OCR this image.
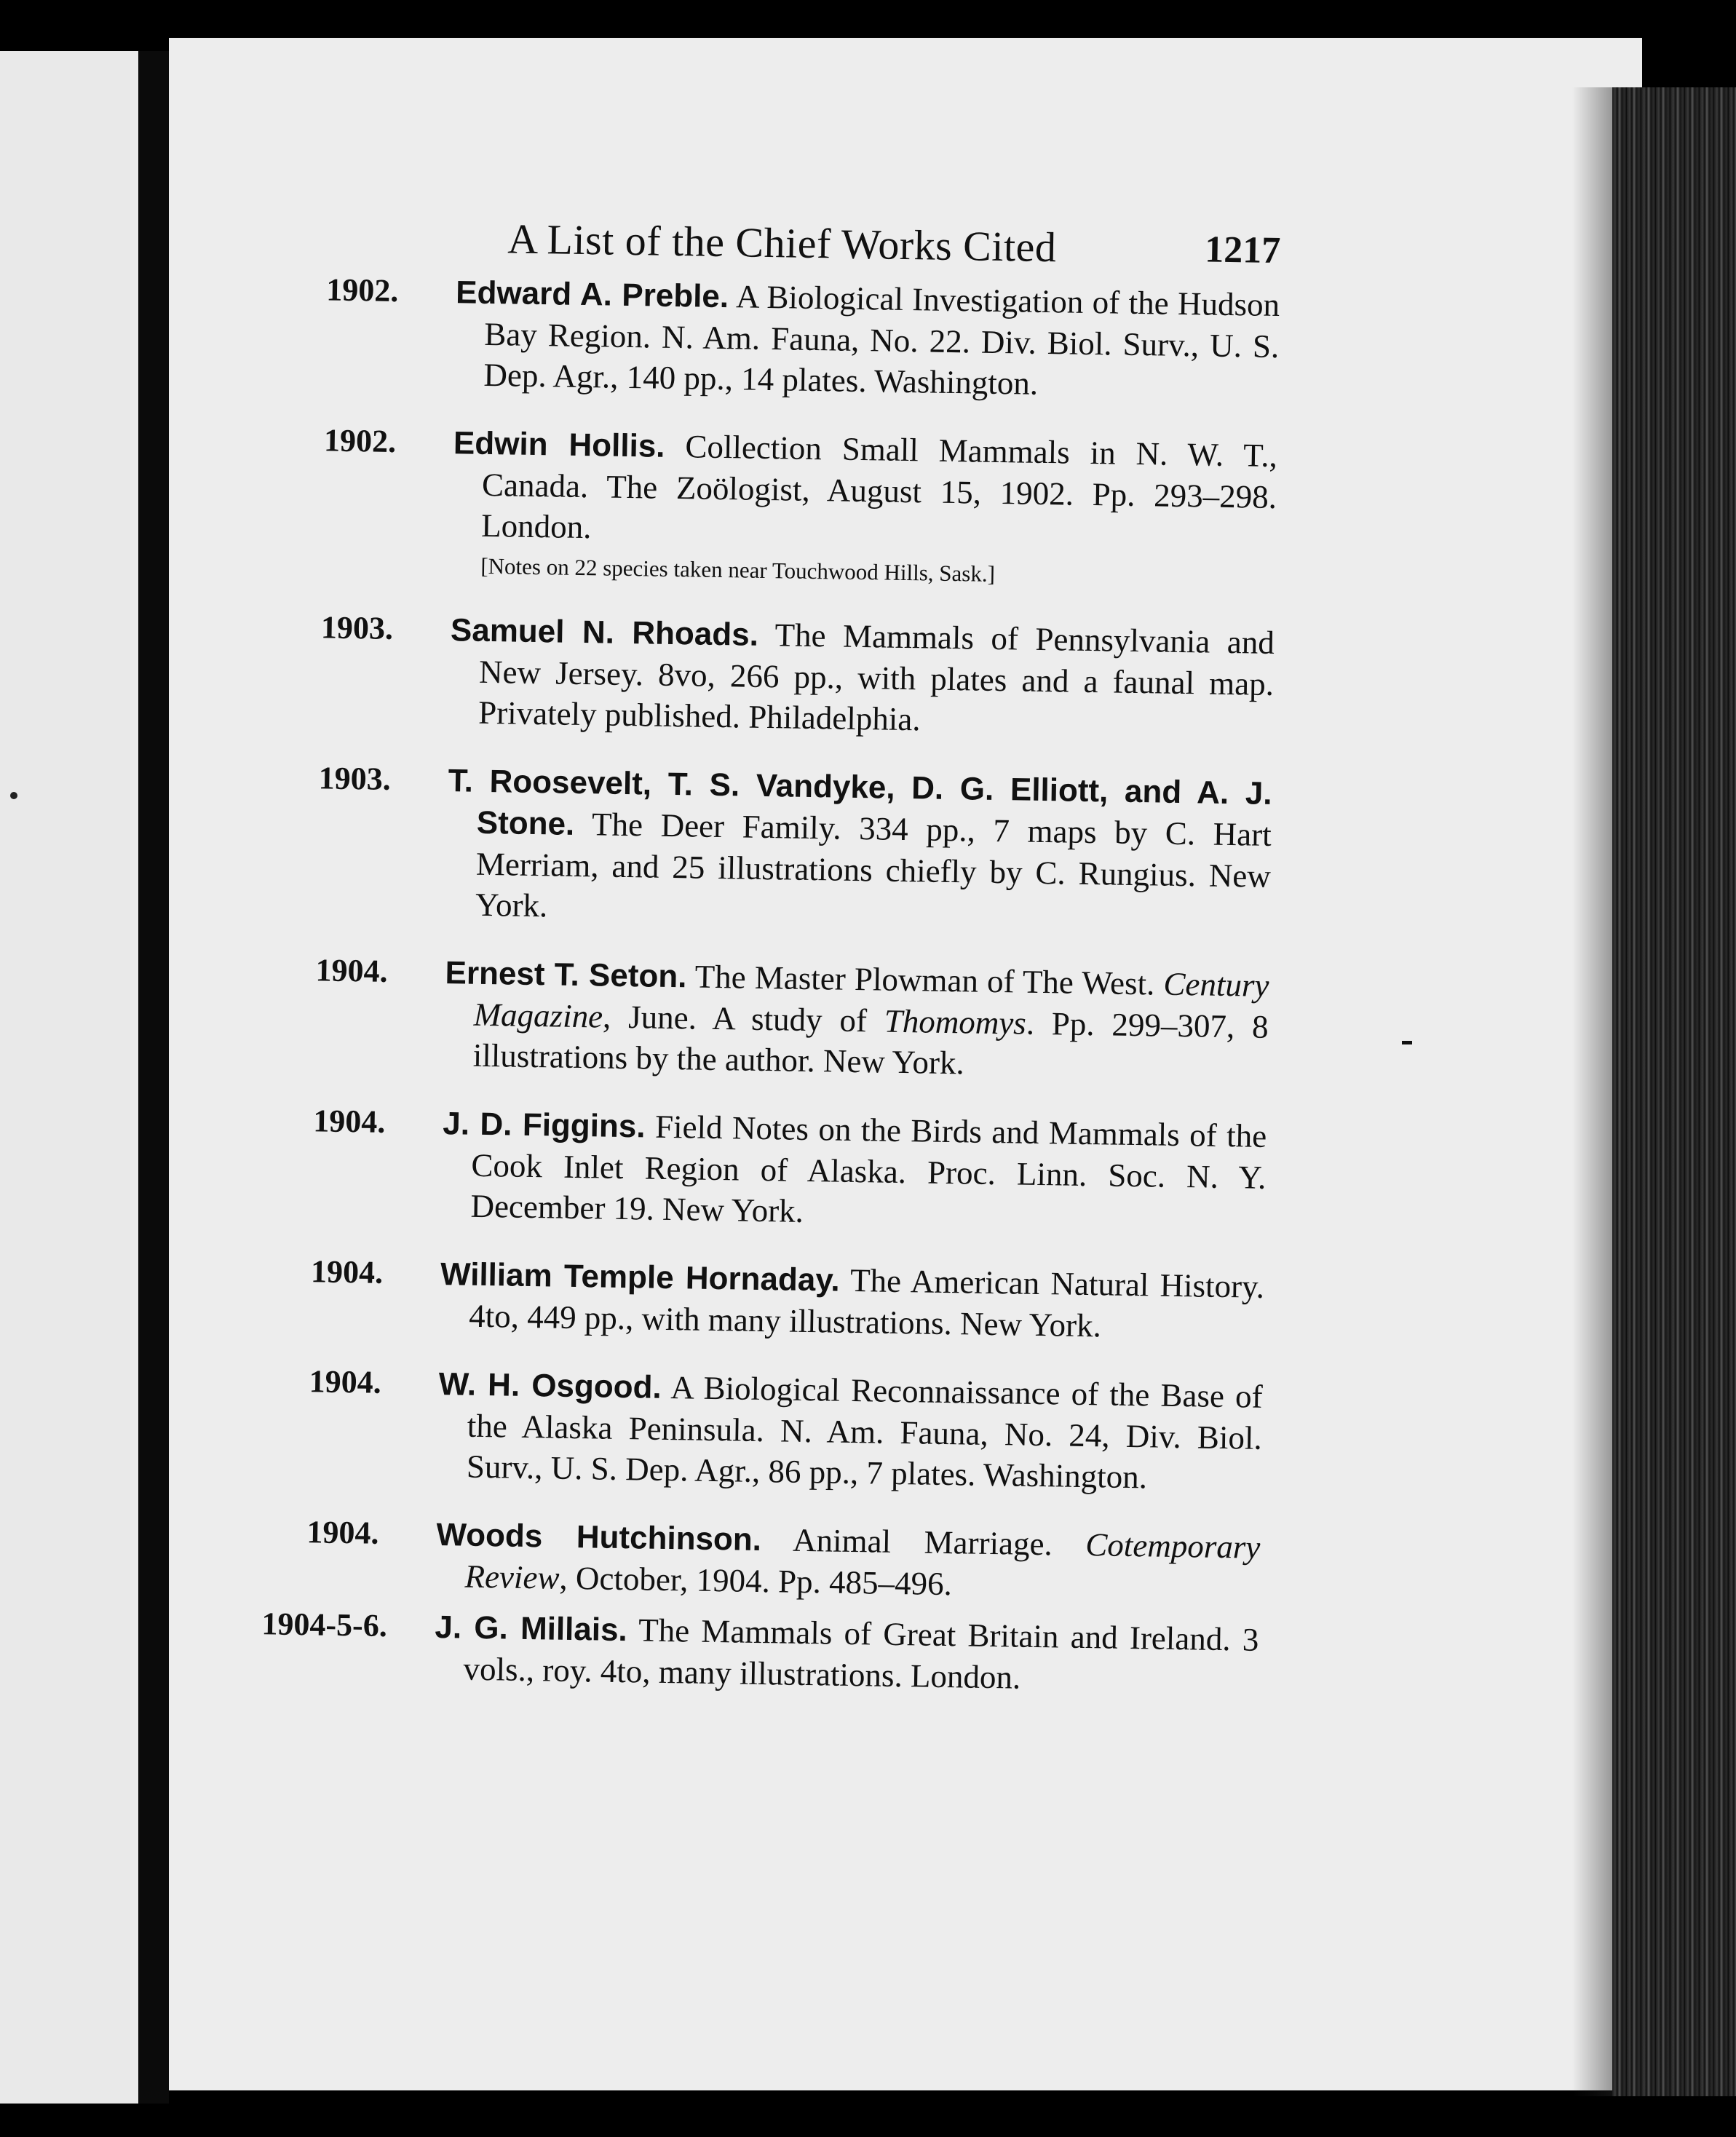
A List of the Chief Works Cited	1217
1902. Edward A. Preble. A Biological Investigation of the Hudson Bay Region. N. Am. Fauna, No. 22. Div. Biol. Surv., U. S. Dep. Agr., 140 pp., 14 plates. Washington.
1902. Edwin Hollis. Collection Small Mammals in N. W. T., Canada. The Zoölogist, August 15, 1902. Pp. 293–298. London.
[Notes on 22 species taken near Touchwood Hills, Sask.]
1903. Samuel N. Rhoads. The Mammals of Pennsylvania and New Jersey. 8vo, 266 pp., with plates and a faunal map. Privately published. Philadelphia.
1903. T. Roosevelt, T. S. Vandyke, D. G. Elliott, and A. J. Stone. The Deer Family. 334 pp., 7 maps by C. Hart Merriam, and 25 illustrations chiefly by C. Rungius. New York.
1904. Ernest T. Seton. The Master Plowman of The West. Century Magazine, June. A study of Thomomys. Pp. 299–307, 8 illustrations by the author. New York.
1904. J. D. Figgins. Field Notes on the Birds and Mammals of the Cook Inlet Region of Alaska. Proc. Linn. Soc. N. Y. December 19. New York.
1904. William Temple Hornaday. The American Natural History. 4to, 449 pp., with many illustrations. New York.
1904. W. H. Osgood. A Biological Reconnaissance of the Base of the Alaska Peninsula. N. Am. Fauna, No. 24, Div. Biol. Surv., U. S. Dep. Agr., 86 pp., 7 plates. Washington.
1904. Woods Hutchinson. Animal Marriage. Cotemporary Review, October, 1904. Pp. 485–496.
1904-5-6. J. G. Millais. The Mammals of Great Britain and Ireland. 3 vols., roy. 4to, many illustrations. London.
